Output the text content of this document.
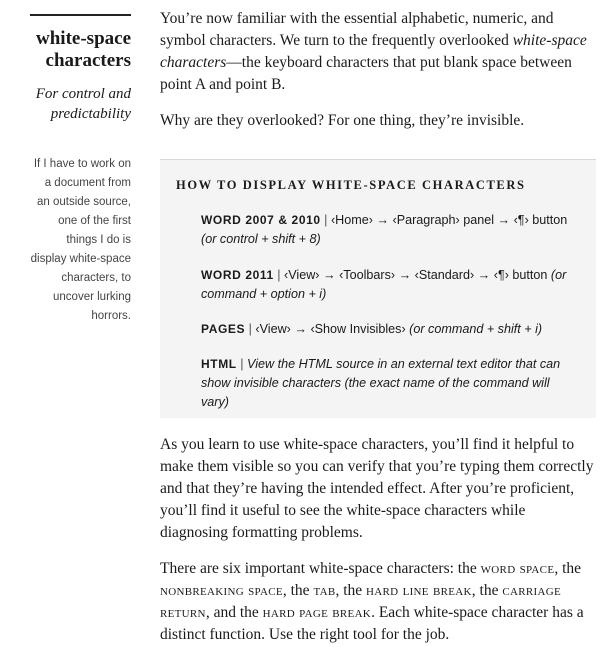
white-space characters
For control and predictability
If I have to work on a document from an outside source, one of the first things I do is display white-space characters, to uncover lurking horrors.

You’re now familiar with the essential alphabetic, numeric, and symbol characters. We turn to the frequently overlooked white-space characters—the keyboard characters that put blank space between point A and point B.

Why are they overlooked? For one thing, they’re invisible.

HOW TO DISPLAY WHITE-SPACE CHARACTERS
WORD 2007 & 2010 | ‹Home› → ‹Paragraph› panel → ‹¶› button (or control + shift + 8)
WORD 2011 | ‹View› → ‹Toolbars› → ‹Standard› → ‹¶› button (or command + option + i)
PAGES | ‹View› → ‹Show Invisibles› (or command + shift + i)
HTML | View the HTML source in an external text editor that can show invisible characters (the exact name of the command will vary)

As you learn to use white-space characters, you’ll find it helpful to make them visible so you can verify that you’re typing them correctly and that they’re having the intended effect. After you’re proficient, you’ll find it useful to see the white-space characters while diagnosing formatting problems.

There are six important white-space characters: the word space, the nonbreaking space, the tab, the hard line break, the carriage return, and the hard page break. Each white-space character has a distinct function. Use the right tool for the job.
